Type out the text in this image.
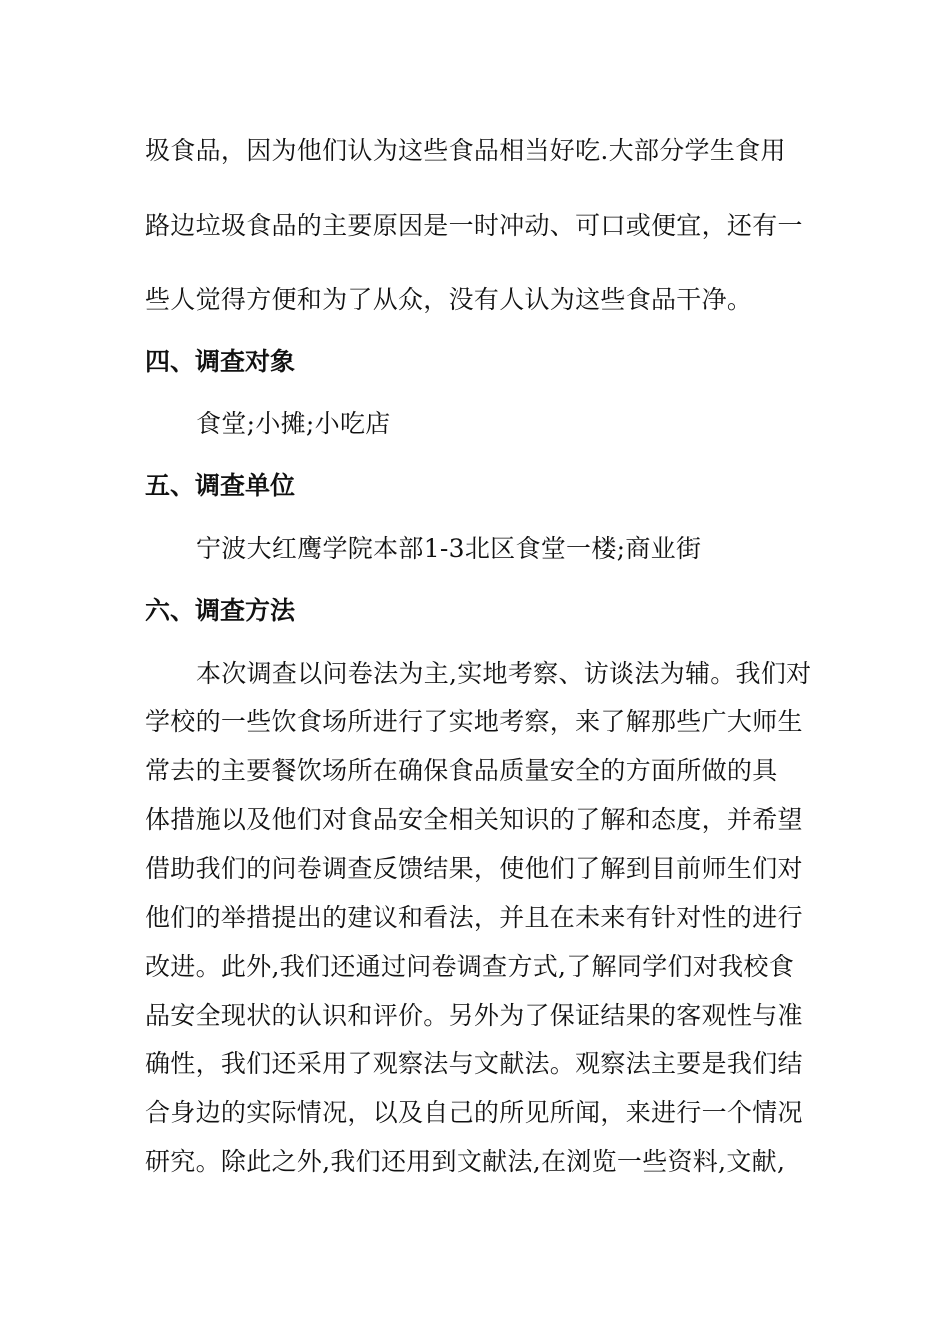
圾食品，因为他们认为这些食品相当好吃.大部分学生食用
路边垃圾食品的主要原因是一时冲动、可口或便宜，还有一
些人觉得方便和为了从众，没有人认为这些食品干净。
四、调查对象
食堂;小摊;小吃店
五、调查单位
宁波大红鹰学院本部1-3北区食堂一楼;商业街
六、调查方法
本次调查以问卷法为主,实地考察、访谈法为辅。我们对
学校的一些饮食场所进行了实地考察，来了解那些广大师生
常去的主要餐饮场所在确保食品质量安全的方面所做的具
体措施以及他们对食品安全相关知识的了解和态度，并希望
借助我们的问卷调查反馈结果，使他们了解到目前师生们对
他们的举措提出的建议和看法，并且在未来有针对性的进行
改进。此外,我们还通过问卷调查方式,了解同学们对我校食
品安全现状的认识和评价。另外为了保证结果的客观性与准
确性，我们还采用了观察法与文献法。观察法主要是我们结
合身边的实际情况，以及自己的所见所闻，来进行一个情况
研究。除此之外,我们还用到文献法,在浏览一些资料,文献,
